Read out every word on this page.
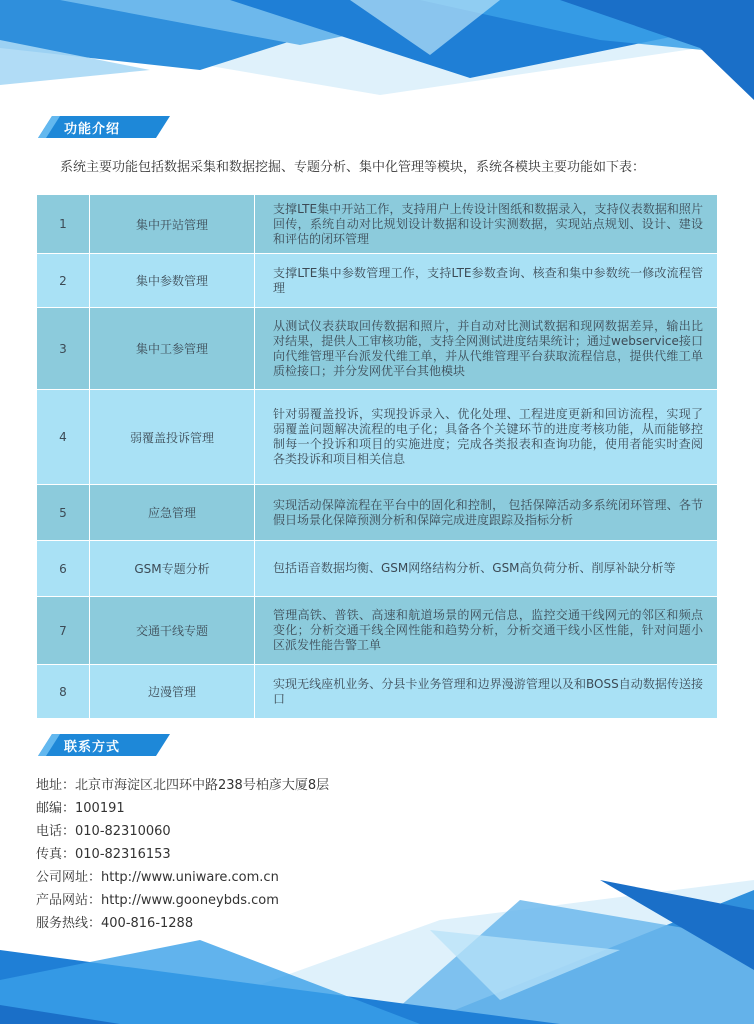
功能介绍
系统主要功能包括数据采集和数据挖掘、专题分析、集中化管理等模块，系统各模块主要功能如下表：
1	集中开站管理	支撑LTE集中开站工作，支持用户上传设计图纸和数据录入，支持仪表数据和照片回传，系统自动对比规划设计数据和设计实测数据，实现站点规划、设计、建设和评估的闭环管理
2	集中参数管理	支撑LTE集中参数管理工作，支持LTE参数查询、核查和集中参数统一修改流程管理
3	集中工参管理	从测试仪表获取回传数据和照片，并自动对比测试数据和现网数据差异，输出比对结果，提供人工审核功能，支持全网测试进度结果统计；通过webservice接口向代维管理平台派发代维工单，并从代维管理平台获取流程信息，提供代维工单质检接口；并分发网优平台其他模块
4	弱覆盖投诉管理	针对弱覆盖投诉，实现投诉录入、优化处理、工程进度更新和回访流程，实现了弱覆盖问题解决流程的电子化；具备各个关键环节的进度考核功能，从而能够控制每一个投诉和项目的实施进度；完成各类报表和查询功能，使用者能实时查阅各类投诉和项目相关信息
5	应急管理	实现活动保障流程在平台中的固化和控制， 包括保障活动多系统闭环管理、各节假日场景化保障预测分析和保障完成进度跟踪及指标分析
6	GSM专题分析	包括语音数据均衡、GSM网络结构分析、GSM高负荷分析、削厚补缺分析等
7	交通干线专题	管理高铁、普铁、高速和航道场景的网元信息，监控交通干线网元的邻区和频点变化；分析交通干线全网性能和趋势分析，分析交通干线小区性能，针对问题小区派发性能告警工单
8	边漫管理	实现无线座机业务、分县卡业务管理和边界漫游管理以及和BOSS自动数据传送接口
联系方式
地址：北京市海淀区北四环中路238号柏彦大厦8层
邮编：100191
电话：010-82310060
传真：010-82316153
公司网址：http://www.uniware.com.cn
产品网站：http://www.gooneybds.com
服务热线：400-816-1288
